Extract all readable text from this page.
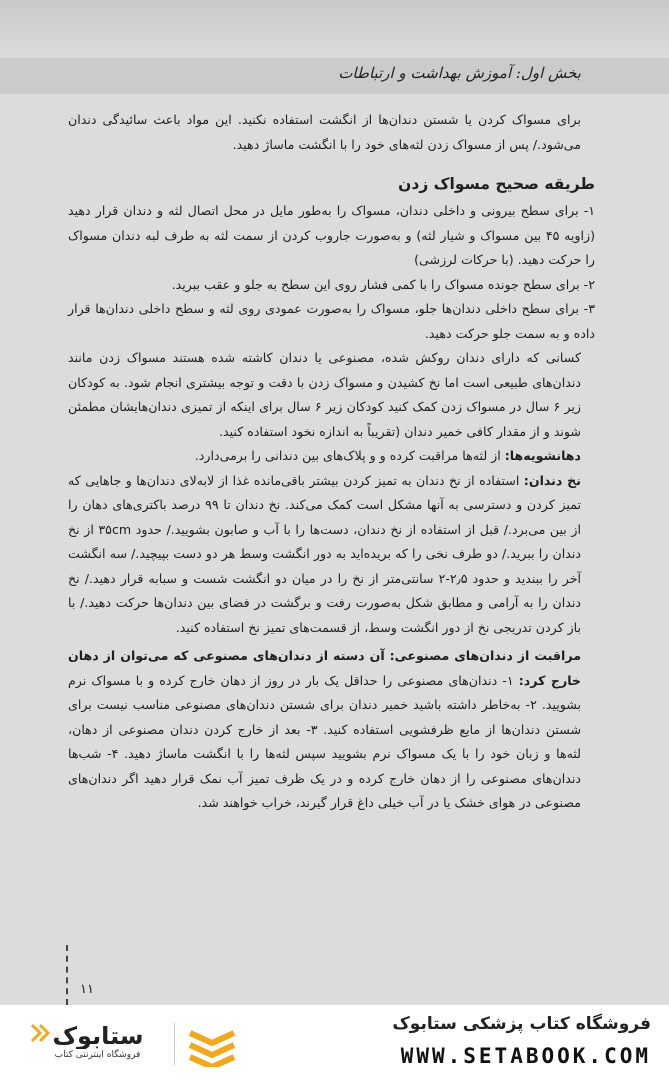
بخش اول: آموزش بهداشت و ارتباطات

برای مسواک کردن یا شستن دندان‌ها از انگشت استفاده نکنید. این مواد باعث سائیدگی دندان می‌شود./ پس از مسواک زدن لثه‌های خود را با انگشت ماساژ دهید.

طریقه صحیح مسواک زدن

۱- برای سطح بیرونی و داخلی دندان، مسواک را به‌طور مایل در محل اتصال لثه و دندان قرار دهید (زاویه ۴۵ بین مسواک و شیار لثه) و به‌صورت جاروب کردن از سمت لثه به طرف لبه دندان مسواک را حرکت دهید. (با حرکات لرزشی)

۲- برای سطح جونده مسواک را با کمی فشار روی این سطح به جلو و عقب ببرید.

۳- برای سطح داخلی دندان‌ها جلو، مسواک را به‌صورت عمودی روی لثه و سطح داخلی دندان‌ها قرار داده و به سمت جلو حرکت دهید.

کسانی که دارای دندان روکش شده، مصنوعی یا دندان کاشته شده هستند مسواک زدن مانند دندان‌های طبیعی است اما نخ کشیدن و مسواک زدن با دقت و توجه بیشتری انجام شود. به کودکان زیر ۶ سال در مسواک زدن کمک کنید کودکان زیر ۶ سال برای اینکه از تمیزی دندان‌هایشان مطمئن شوند و از مقدار کافی خمیر دندان (تقریباً به اندازه نخود استفاده کنید.

دهانشویه‌ها: از لثه‌ها مراقبت کرده و و پلاک‌های بین دندانی را برمی‌دارد.

نخ دندان: استفاده از نخ دندان به تمیز کردن بیشتر باقی‌مانده غذا از لابه‌لای دندان‌ها و جاهایی که تمیز کردن و دسترسی به آنها مشکل است کمک می‌کند. نخ دندان تا ۹۹ درصد باکتری‌های دهان را از بین می‌برد./ قبل از استفاده از نخ دندان، دست‌ها را با آب و صابون بشویید./ حدود ۳۵cm از نخ دندان را ببرید./ دو طرف نخی را که بریده‌اید به دور انگشت وسط هر دو دست بپیچید./ سه انگشت آخر را ببندید و حدود ۲٫۵-۲ سانتی‌متر از نخ را در میان دو انگشت شست و سبابه قرار دهید./ نخ دندان را به آرامی و مطابق شکل به‌صورت رفت و برگشت در فضای بین دندان‌ها حرکت دهید./ با باز کردن تدریجی نخ از دور انگشت وسط، از قسمت‌های تمیز نخ استفاده کنید.

مراقبت از دندان‌های مصنوعی: آن دسته از دندان‌های مصنوعی که می‌توان از دهان خارج کرد: ۱- دندان‌های مصنوعی را حداقل یک بار در روز از دهان خارج کرده و با مسواک نرم بشویید. ۲- به‌خاطر داشته باشید خمیر دندان برای شستن دندان‌های مصنوعی مناسب نیست برای شستن دندان‌ها از مایع ظرفشویی استفاده کنید. ۳- بعد از خارج کردن دندان مصنوعی از دهان، لثه‌ها و زبان خود را با یک مسواک نرم بشویید سپس لثه‌ها را با انگشت ماساژ دهید. ۴- شب‌ها دندان‌های مصنوعی را از دهان خارج کرده و در یک ظرف تمیز آب نمک قرار دهید اگر دندان‌های مصنوعی در هوای خشک یا در آب خیلی داغ قرار گیرند، خراب خواهند شد.

۱۱
ستابوک
فروشگاه اینترنتی کتاب
فروشگاه کتاب پزشکی ستابوک
WWW.SETABOOK.COM
